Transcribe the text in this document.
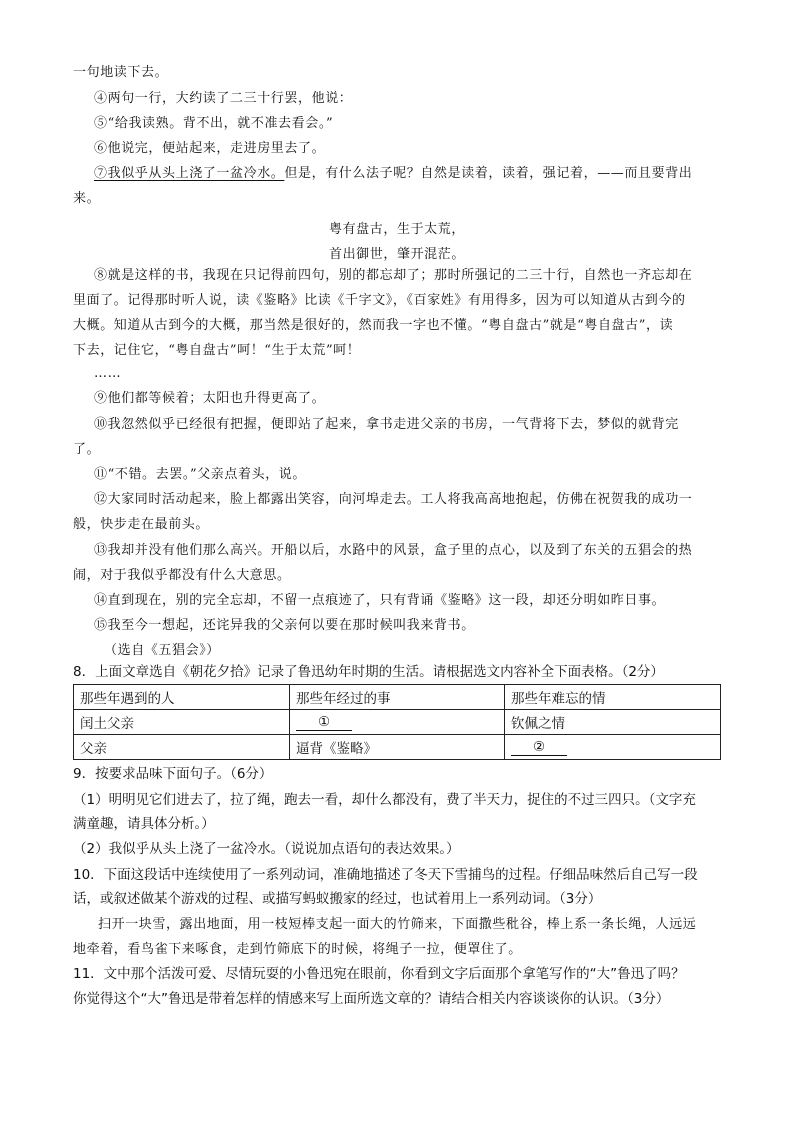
一句地读下去。
④两句一行，大约读了二三十行罢，他说：
⑤“给我读熟。背不出，就不准去看会。”
⑥他说完，便站起来，走进房里去了。
⑦我似乎从头上浇了一盆冷水。但是，有什么法子呢？自然是读着，读着，强记着，——而且要背出
来。
粤有盘古，生于太荒，
首出御世，肇开混茫。
⑧就是这样的书，我现在只记得前四句，别的都忘却了；那时所强记的二三十行，自然也一齐忘却在
里面了。记得那时听人说，读《鉴略》比读《千字文》，《百家姓》有用得多，因为可以知道从古到今的
大概。知道从古到今的大概，那当然是很好的，然而我一字也不懂。“粤自盘古”就是“粤自盘古”，读
下去，记住它，“粤自盘古”呵！“生于太荒”呵！
……
⑨他们都等候着；太阳也升得更高了。
⑩我忽然似乎已经很有把握，便即站了起来，拿书走进父亲的书房，一气背将下去，梦似的就背完
了。
⑪“不错。去罢。”父亲点着头，说。
⑫大家同时活动起来，脸上都露出笑容，向河埠走去。工人将我高高地抱起，仿佛在祝贺我的成功一
般，快步走在最前头。
⑬我却并没有他们那么高兴。开船以后，水路中的风景，盒子里的点心，以及到了东关的五猖会的热
闹，对于我似乎都没有什么大意思。
⑭直到现在，别的完全忘却，不留一点痕迹了，只有背诵《鉴略》这一段，却还分明如昨日事。
⑮我至今一想起，还诧异我的父亲何以要在那时候叫我来背书。
（选自《五猖会》）
8．上面文章选自《朝花夕拾》记录了鲁迅幼年时期的生活。请根据选文内容补全下面表格。（2分）
那些年遇到的人	那些年经过的事	那些年难忘的情
闰土父亲	①	钦佩之情
父亲	逼背《鉴略》	②
9．按要求品味下面句子。（6分）
（1）明明见它们进去了，拉了绳，跑去一看，却什么都没有，费了半天力，捉住的不过三四只。（文字充
满童趣，请具体分析。）
（2）我似乎从头上浇了一盆冷水。（说说加点语句的表达效果。）
10．下面这段话中连续使用了一系列动词，准确地描述了冬天下雪捕鸟的过程。仔细品味然后自己写一段
话，或叙述做某个游戏的过程、或描写蚂蚁搬家的经过，也试着用上一系列动词。（3分）
扫开一块雪，露出地面，用一枝短棒支起一面大的竹筛来，下面撒些秕谷，棒上系一条长绳，人远远
地牵着，看鸟雀下来啄食，走到竹筛底下的时候，将绳子一拉，便罩住了。
11．文中那个活泼可爱、尽情玩耍的小鲁迅宛在眼前，你看到文字后面那个拿笔写作的“大”鲁迅了吗？
你觉得这个“大”鲁迅是带着怎样的情感来写上面所选文章的？请结合相关内容谈谈你的认识。（3分）
